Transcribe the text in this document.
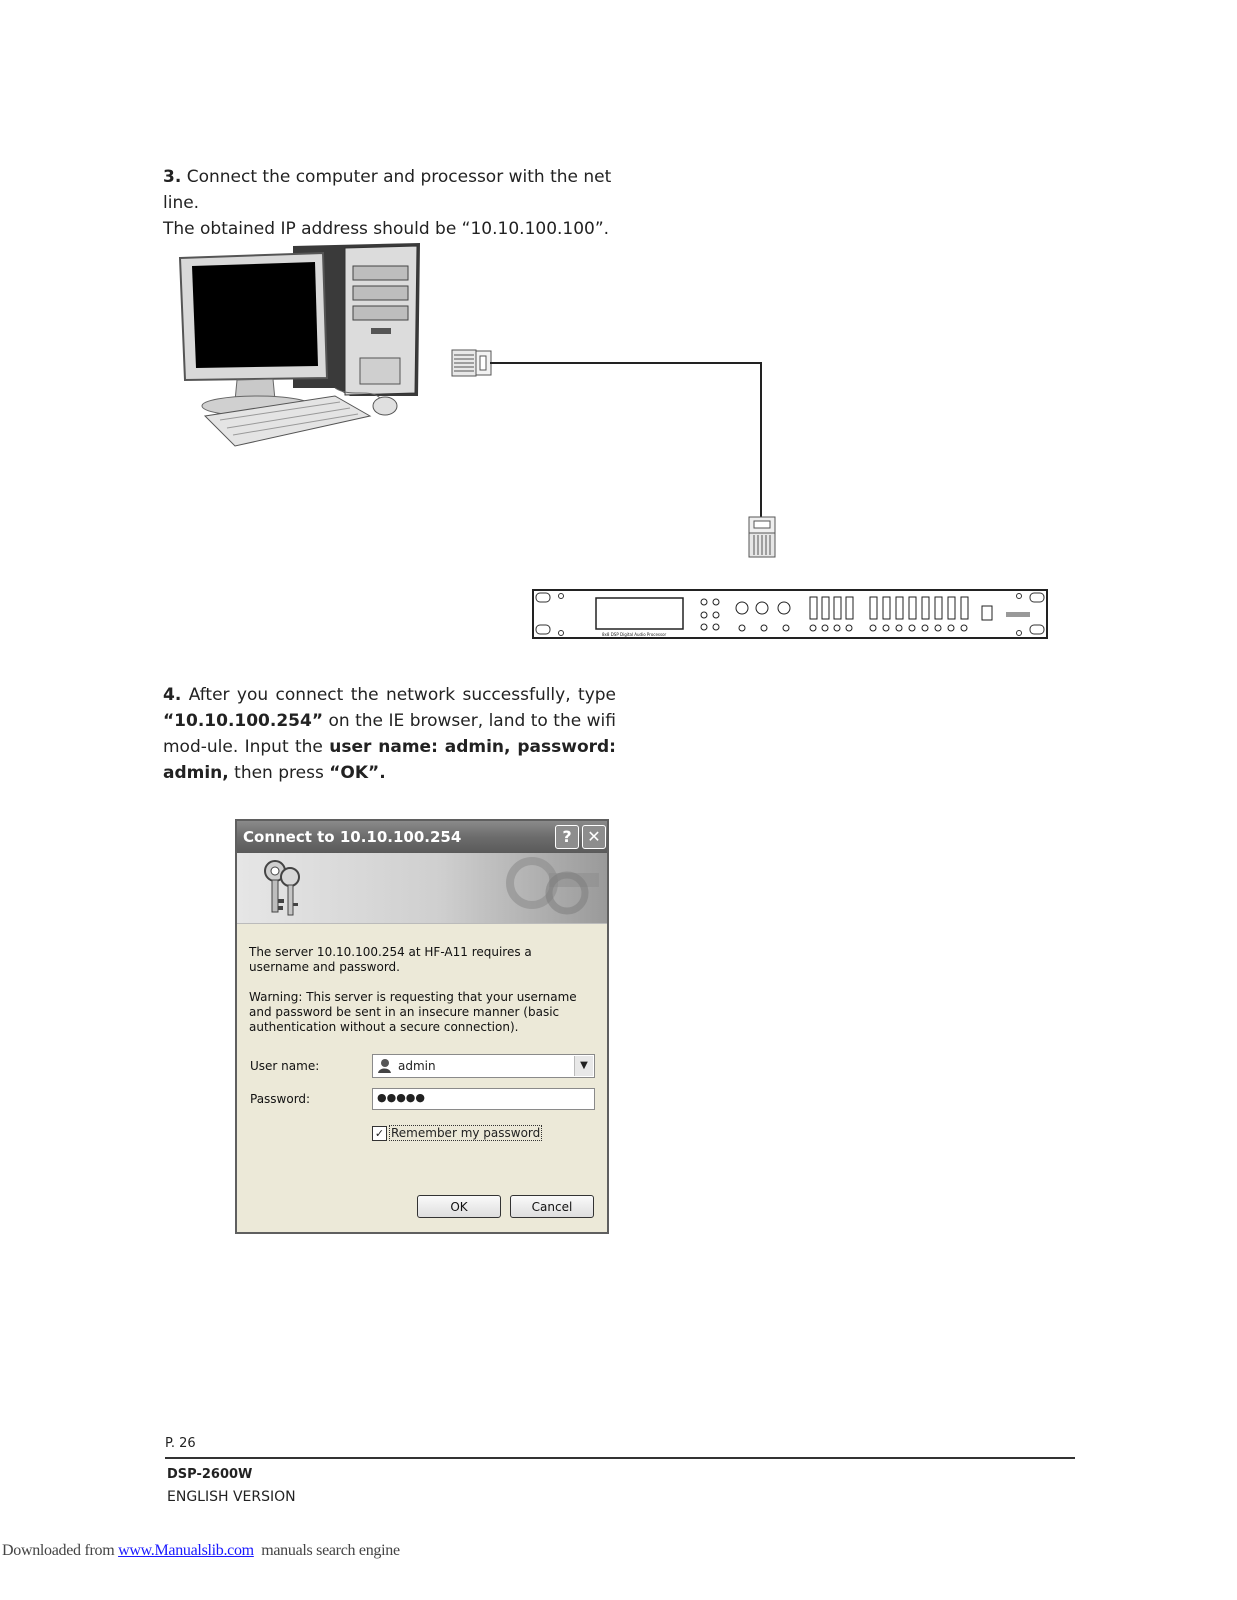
3. Connect the computer and processor with the net line.
The obtained IP address should be “10.10.100.100”.
8x8 DSP Digital Audio Processor
4. After you connect the network successfully, type “10.10.100.254” on the IE browser, land to the wifi mod-ule. Input the user name: admin, password: admin, then press “OK”.
Connect to 10.10.100.254	? ✕

The server 10.10.100.254 at HF-A11 requires a username and password.

Warning: This server is requesting that your username and password be sent in an insecure manner (basic authentication without a secure connection).

User name:	admin	▼
Password:	●●●●●
✓ Remember my password
OK	Cancel
P. 26
DSP-2600W
ENGLISH VERSION
Downloaded from www.Manualslib.com  manuals search engine
